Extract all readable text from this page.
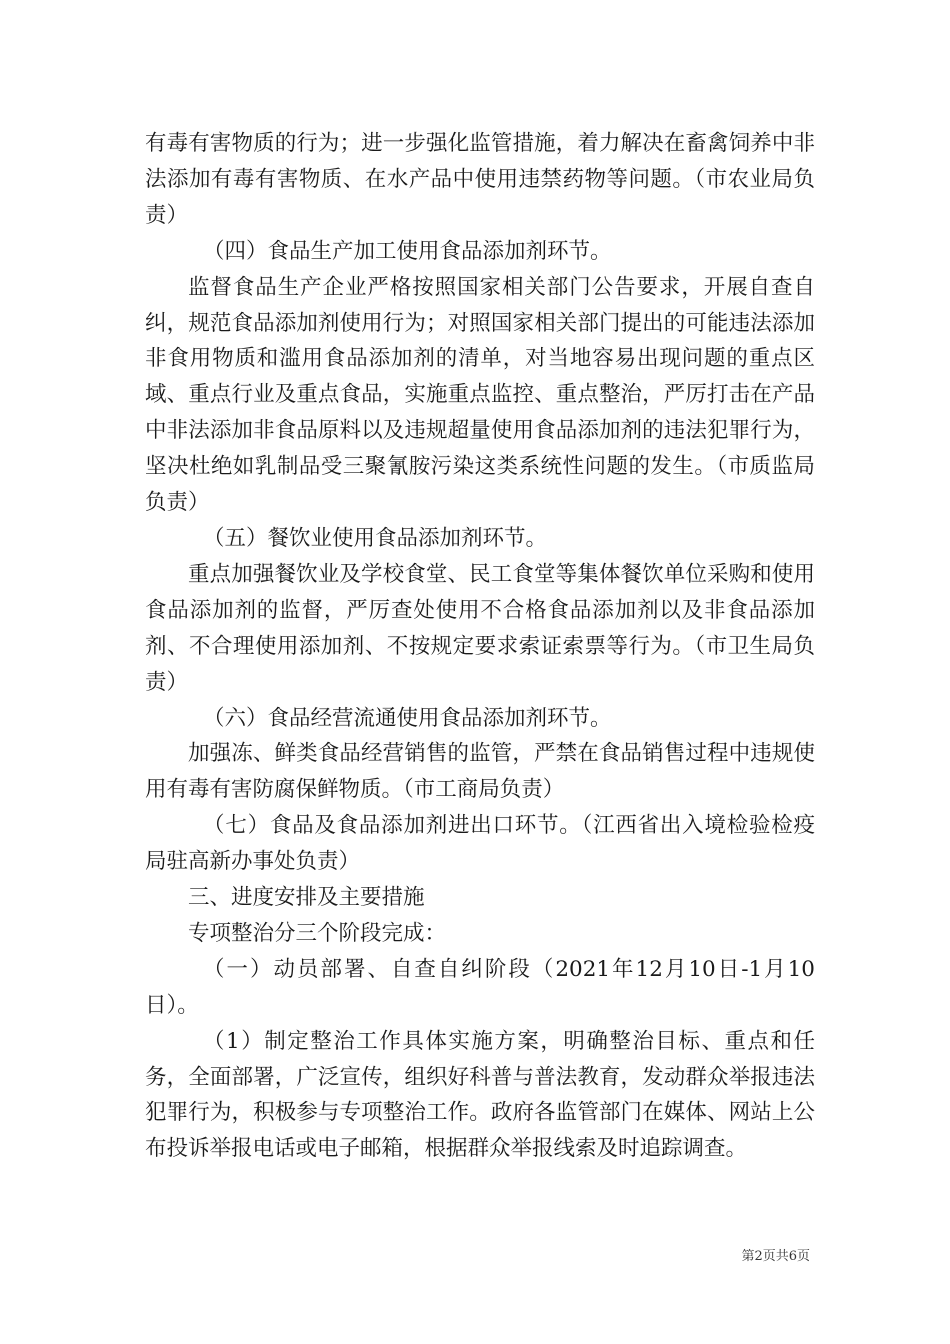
有毒有害物质的行为；进一步强化监管措施，着力解决在畜禽饲养中非法添加有毒有害物质、在水产品中使用违禁药物等问题。（市农业局负责）

（四）食品生产加工使用食品添加剂环节。

监督食品生产企业严格按照国家相关部门公告要求，开展自查自纠，规范食品添加剂使用行为；对照国家相关部门提出的可能违法添加非食用物质和滥用食品添加剂的清单，对当地容易出现问题的重点区域、重点行业及重点食品，实施重点监控、重点整治，严厉打击在产品中非法添加非食品原料以及违规超量使用食品添加剂的违法犯罪行为，坚决杜绝如乳制品受三聚氰胺污染这类系统性问题的发生。（市质监局负责）

（五）餐饮业使用食品添加剂环节。

重点加强餐饮业及学校食堂、民工食堂等集体餐饮单位采购和使用食品添加剂的监督，严厉查处使用不合格食品添加剂以及非食品添加剂、不合理使用添加剂、不按规定要求索证索票等行为。（市卫生局负责）

（六）食品经营流通使用食品添加剂环节。

加强冻、鲜类食品经营销售的监管，严禁在食品销售过程中违规使用有毒有害防腐保鲜物质。（市工商局负责）

（七）食品及食品添加剂进出口环节。（江西省出入境检验检疫局驻高新办事处负责）

三、进度安排及主要措施

专项整治分三个阶段完成：

（一）动员部署、自查自纠阶段（2021年12月10日-1月10日）。

（1）制定整治工作具体实施方案，明确整治目标、重点和任务，全面部署，广泛宣传，组织好科普与普法教育，发动群众举报违法犯罪行为，积极参与专项整治工作。政府各监管部门在媒体、网站上公布投诉举报电话或电子邮箱，根据群众举报线索及时追踪调查。

第2页共6页
